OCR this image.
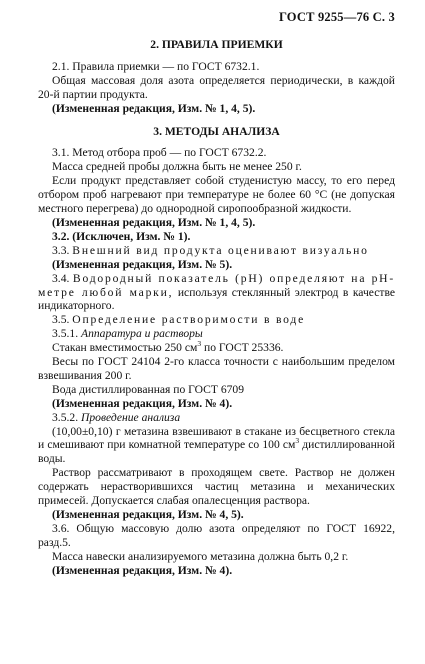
ГОСТ 9255—76 С. 3

2. ПРАВИЛА ПРИЕМКИ

2.1. Правила приемки — по ГОСТ 6732.1.

Общая массовая доля азота определяется периодически, в каждой 20-й партии продукта.

(Измененная редакция, Изм. № 1, 4, 5).

3. МЕТОДЫ АНАЛИЗА

3.1. Метод отбора проб — по ГОСТ 6732.2.

Масса средней пробы должна быть не менее 250 г.

Если продукт представляет собой студенистую массу, то его перед отбором проб нагревают при температуре не более 60 °С (не допуская местного перегрева) до однородной сиропообразной жидкости.

(Измененная редакция, Изм. № 1, 4, 5).

3.2. (Исключен, Изм. № 1).

3.3. Внешний вид продукта оценивают визуально

(Измененная редакция, Изм. № 5).

3.4. Водородный показатель (рН) определяют на рН-метре любой марки, используя стеклянный электрод в качестве индикаторного.

3.5. Определение растворимости в воде

3.5.1. Аппаратура и растворы

Стакан вместимостью 250 $см^3$ по ГОСТ 25336.

Весы по ГОСТ 24104 2-го класса точности с наибольшим пределом взвешивания 200 г.

Вода дистиллированная по ГОСТ 6709

(Измененная редакция, Изм. № 4).

3.5.2. Проведение анализа

(10,00±0,10) г метазина взвешивают в стакане из бесцветного стекла и смешивают при комнатной температуре со 100 $см^3$ дистиллированной воды.

Раствор рассматривают в проходящем свете. Раствор не должен содержать нерастворившихся частиц метазина и механических примесей. Допускается слабая опалесценция раствора.

(Измененная редакция, Изм. № 4, 5).

3.6. Общую массовую долю азота определяют по ГОСТ 16922, разд.5.

Масса навески анализируемого метазина должна быть 0,2 г.

(Измененная редакция, Изм. № 4).
